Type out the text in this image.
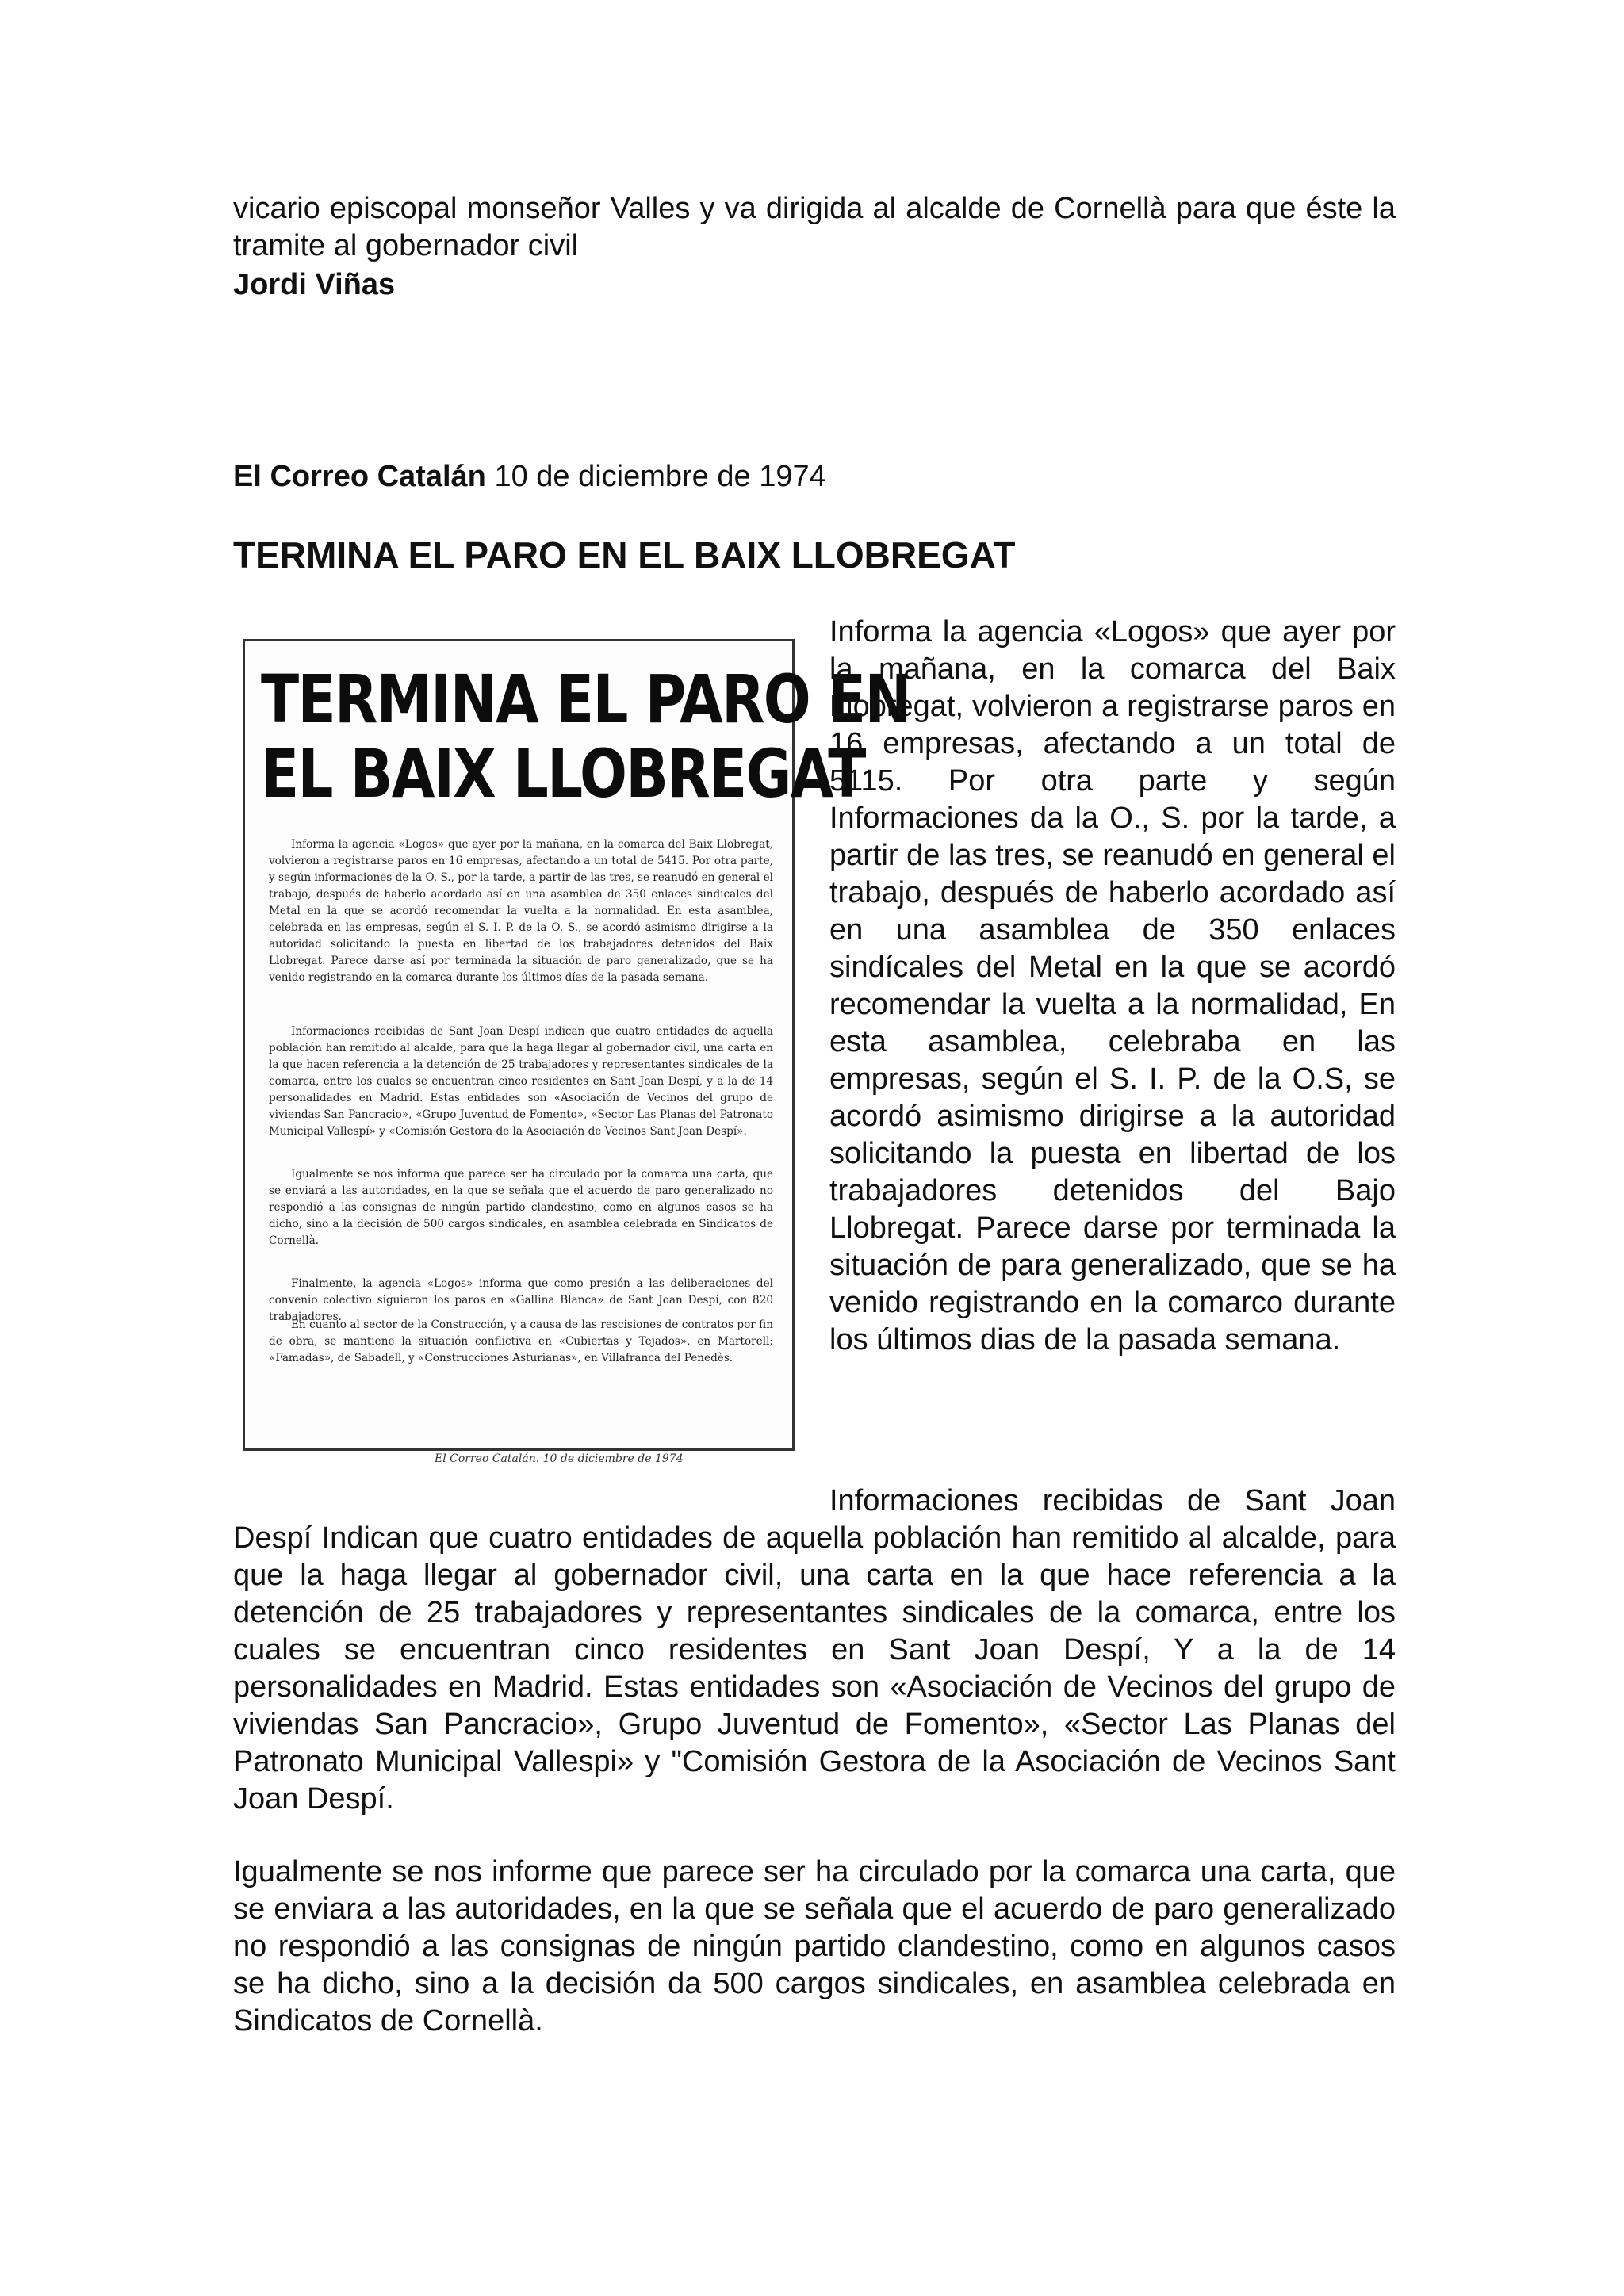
vicario episcopal monseñor Valles y va dirigida al alcalde de Cornellà para que éste la tramite al gobernador civil

Jordi Viñas

El Correo Catalán 10 de diciembre de 1974

TERMINA EL PARO EN EL BAIX LLOBREGAT

TERMINA EL PARO EN
EL BAIX LLOBREGAT

Informa la agencia «Logos» que ayer por la mañana, en la comarca del Baix Llobregat, volvieron a registrarse paros en 16 empresas, afectando a un total de 5415. Por otra parte, y según informaciones de la O. S., por la tarde, a partir de las tres, se reanudó en general el trabajo, después de haberlo acordado así en una asamblea de 350 enlaces sindicales del Metal en la que se acordó recomendar la vuelta a la normalidad. En esta asamblea, celebrada en las empresas, según el S. I. P. de la O. S., se acordó asimismo dirigirse a la autoridad solicitando la puesta en libertad de los trabajadores detenidos del Baix Llobregat. Parece darse así por terminada la situación de paro generalizado, que se ha venido registrando en la comarca durante los últimos días de la pasada semana.

Informaciones recibidas de Sant Joan Despí indican que cuatro entidades de aquella población han remitido al alcalde, para que la haga llegar al gobernador civil, una carta en la que hacen referencia a la detención de 25 trabajadores y representantes sindicales de la comarca, entre los cuales se encuentran cinco residentes en Sant Joan Despí, y a la de 14 personalidades en Madrid. Estas entidades son «Asociación de Vecinos del grupo de viviendas San Pancracio», «Grupo Juventud de Fomento», «Sector Las Planas del Patronato Municipal Vallespí» y «Comisión Gestora de la Asociación de Vecinos Sant Joan Despí».

Igualmente se nos informa que parece ser ha circulado por la comarca una carta, que se enviará a las autoridades, en la que se señala que el acuerdo de paro generalizado no respondió a las consignas de ningún partido clandestino, como en algunos casos se ha dicho, sino a la decisión de 500 cargos sindicales, en asamblea celebrada en Sindicatos de Cornellà.

Finalmente, la agencia «Logos» informa que como presión a las deliberaciones del convenio colectivo siguieron los paros en «Gallina Blanca» de Sant Joan Despí, con 820 trabajadores.

En cuanto al sector de la Construcción, y a causa de las rescisiones de contratos por fin de obra, se mantiene la situación conflictiva en «Cubiertas y Tejados», en Martorell; «Famadas», de Sabadell, y «Construcciones Asturianas», en Villafranca del Penedès.

El Correo Catalán. 10 de diciembre de 1974

Informa la agencia «Logos» que ayer por la mañana, en la comarca del Baix Llobregat, volvieron a registrarse paros en 16 empresas, afectando a un total de 5115. Por otra parte y según Informaciones da la O., S. por la tarde, a partir de las tres, se reanudó en general el trabajo, después de haberlo acordado así en una asamblea de 350 enlaces sindícales del Metal en la que se acordó recomendar la vuelta a la normalidad, En esta asamblea, celebraba en las empresas, según el S. I. P. de la O.S, se acordó asimismo dirigirse a la autoridad solicitando la puesta en libertad de los trabajadores detenidos del Bajo Llobregat. Parece darse por terminada la situación de para generalizado, que se ha venido registrando en la comarco durante los últimos dias de la pasada semana.

Informaciones recibidas de Sant Joan Despí Indican que cuatro entidades de aquella población han remitido al alcalde, para que la haga llegar al gobernador civil, una carta en la que hace referencia a la detención de 25 trabajadores y representantes sindicales de la comarca, entre los cuales se encuentran cinco residentes en Sant Joan Despí, Y a la de 14 personalidades en Madrid. Estas entidades son «Asociación de Vecinos del grupo de viviendas San Pancracio», Grupo Juventud de Fomento», «Sector Las Planas del Patronato Municipal Vallespi» y "Comisión Gestora de la Asociación de Vecinos Sant Joan Despí.

Igualmente se nos informe que parece ser ha circulado por la comarca una carta, que se enviara a las autoridades, en la que se señala que el acuerdo de paro generalizado no respondió a las consignas de ningún partido clandestino, como en algunos casos se ha dicho, sino a la decisión da 500 cargos sindicales, en asamblea celebrada en Sindicatos de Cornellà.
